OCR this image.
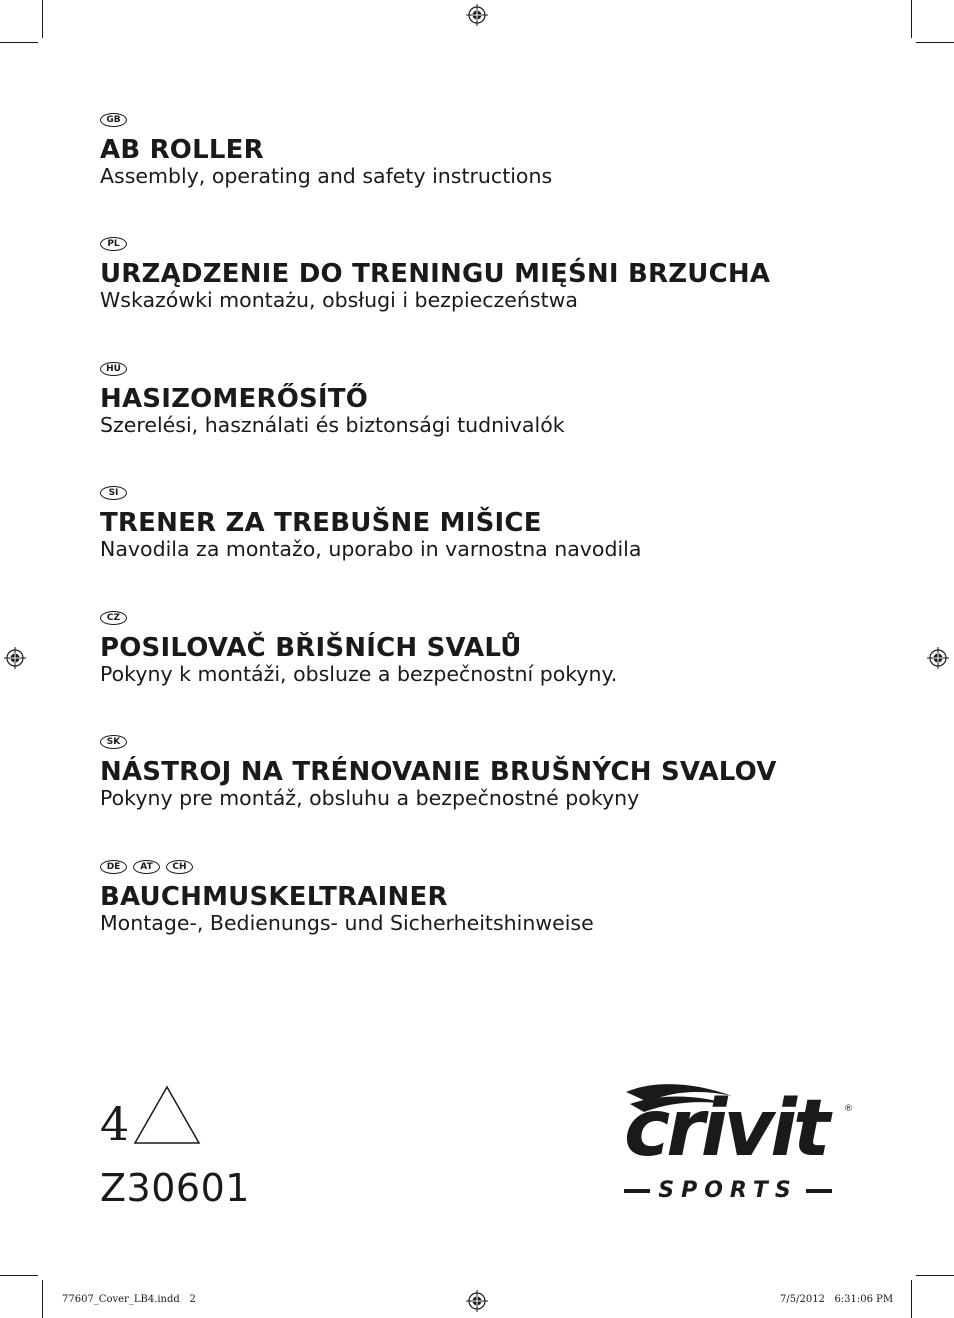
GB
AB ROLLER
Assembly, operating and safety instructions
PL
URZĄDZENIE DO TRENINGU MIĘŚNI BRZUCHA
Wskazówki montażu, obsługi i bezpieczeństwa
HU
HASIZOMERŐSÍTŐ
Szerelési, használati és biztonsági tudnivalók
SI
TRENER ZA TREBUŠNE MIŠICE
Navodila za montažo, uporabo in varnostna navodila
CZ
POSILOVAČ BŘIŠNÍCH SVALŮ
Pokyny k montáži, obsluze a bezpečnostní pokyny.
SK
NÁSTROJ NA TRÉNOVANIE BRUŠNÝCH SVALOV
Pokyny pre montáž, obsluhu a bezpečnostné pokyny
DE	AT	CH
BAUCHMUSKELTRAINER
Montage-, Bedienungs- und Sicherheitshinweise
4
Z30601
crivit ®
SPORTS
77607_Cover_LB4.indd   2	7/5/2012   6:31:06 PM
